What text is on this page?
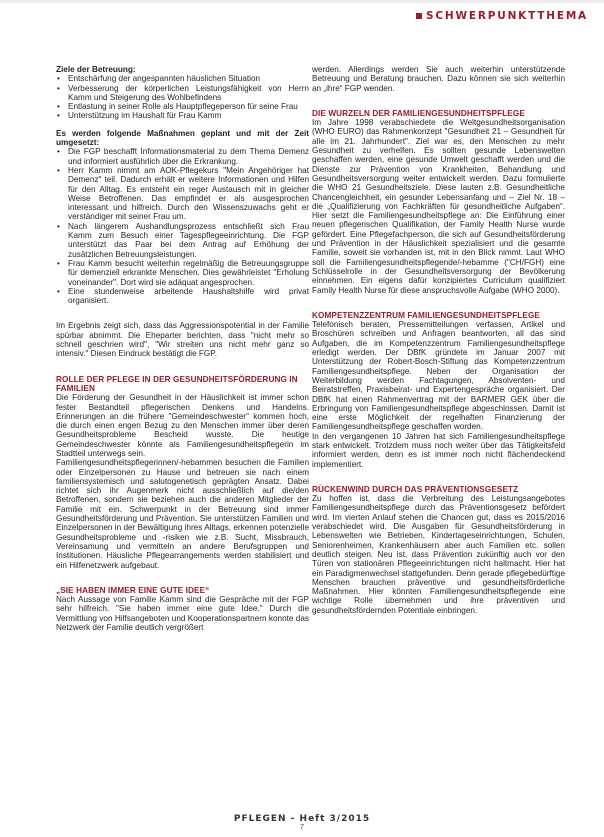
SCHWERPUNKTTHEMA

Ziele der Betreuung:

• Entschärfung der angespannten häuslichen Situation
• Verbesserung der körperlichen Leistungsfähigkeit von Herrn Kamm und Steigerung des Wohlbefindens
• Entlastung in seiner Rolle als Hauptpflegeperson für seine Frau
• Unterstützung im Haushalt für Frau Kamm

Es werden folgende Maßnahmen geplant und mit der Zeit umgesetzt:

• Die FGP beschafft Informationsmaterial zu dem Thema Demenz und informiert ausführlich über die Erkrankung.
• Herr Kamm nimmt am AOK-Pflegekurs "Mein Angehöriger hat Demenz" teil. Dadurch erhält er weitere Informationen und Hilfen für den Alltag. Es entsteht ein reger Austausch mit in gleicher Weise Betroffenen. Das empfindet er als ausgesprochen interessant und hilfreich. Durch den Wissenszuwachs geht er verständiger mit seiner Frau um.
• Nach längerem Aushandlungsprozess entschließt sich Frau Kamm zum Besuch einer Tagespflegeeinrichtung. Die FGP unterstützt das Paar bei dem Antrag auf Erhöhung der zusätzlichen Betreuungsleistungen.
• Frau Kamm besucht weiterhin regelmäßig die Betreuungsgruppe für demenziell erkrankte Menschen. Dies gewährleistet "Erholung voneinander". Dort wird sie adäquat angesprochen.
• Eine stundenweise arbeitende Haushaltshilfe wird privat organisiert.

Im Ergebnis zeigt sich, dass das Aggressionspotential in der Familie spürbar abnimmt. Die Eheparter berichten, dass "nicht mehr so schnell geschrien wird", "Wir streiten uns nicht mehr ganz so intensiv." Diesen Eindruck bestätigt die FGP.

ROLLE DER PFLEGE IN DER GESUNDHEITSFÖRDERUNG IN FAMILIEN

Die Förderung der Gesundheit in der Häuslichkeit ist immer schon fester Bestandteil pflegerischen Denkens und Handelns. Erinnerungen an die frühere "Gemeindeschwester" kommen hoch, die durch einen engen Bezug zu den Menschen immer über deren Gesundheitsprobleme Bescheid wusste. Die heutige Gemeindeschwester könnte als Familiengesundheitspflegerin im Stadtteil unterwegs sein.

Familiengesundheitspflegerinnen/-hebammen besuchen die Familien oder Einzelpersonen zu Hause und betreuen sie nach einem familiensystemisch und salutogenetisch geprägten Ansatz. Dabei richtet sich ihr Augenmerk nicht ausschließlich auf die/den Betroffenen, sondern sie beziehen auch die anderen Mitglieder der Familie mit ein. Schwerpunkt in der Betreuung sind immer Gesundheitsförderung und Prävention. Sie unterstützen Familien und Einzelpersonen in der Bewältigung ihres Alltags, erkennen potenzielle Gesundheitsprobleme und -risiken wie z.B. Sucht, Missbrauch, Vereinsamung und vermitteln an andere Berufsgruppen und Institutionen. Häusliche Pflegearrangements werden stabilisiert und ein Hilfenetzwerk aufgebaut.

„SIE HABEN IMMER EINE GUTE IDEE“

Nach Aussage von Familie Kamm sind die Gespräche mit der FGP sehr hilfreich. "Sie haben immer eine gute Idee." Durch die Vermittlung von Hilfsangeboten und Kooperationspartnern konnte das Netzwerk der Familie deutlich vergrößert

werden. Allerdings werden Sie auch weiterhin unterstützende Betreuung und Beratung brauchen. Dazu können sie sich weiterhin an „ihre“ FGP wenden.

DIE WURZELN DER FAMILIENGESUNDHEITSPFLEGE

Im Jahre 1998 verabschiedete die Weltgesundheitsorganisation (WHO EURO) das Rahmenkonzept "Gesundheit 21 – Gesundheit für alle im 21. Jahrhundert". Ziel war es, den Menschen zu mehr Gesundheit zu verhelfen. Es sollten gesunde Lebenswelten geschaffen werden, eine gesunde Umwelt geschafft werden und die Dienste zur Prävention von Krankheiten, Behandlung und Gesundheitsversorgung weiter entwickelt werden. Dazu formulierte die WHO 21 Gesundheitsziele. Diese lauten z.B. Gesundheitliche Chancengleichheit, ein gesunder Lebensanfang und – Ziel Nr. 18 – die „Qualifizierung von Fachkräften für gesundheitliche Aufgaben“. Hier setzt die Familiengesundheitspflege an: Die Einführung einer neuen pflegerischen Qualifikation, der Family Health Nurse wurde gefördert. Eine Pflegefachperson, die sich auf Gesundheitsförderung und Prävention in der Häuslichkeit spezialisiert und die gesamte Familie, soweit sie vorhanden ist, mit in den Blick nimmt. Laut WHO soll die Familiengesundheitspflegende/-hebamme ("CH/FGH) eine Schlüsselrolle in der Gesundheitsversorgung der Bevölkerung einnehmen. Ein eigens dafür konzipiertes Curriculum qualifiziert Family Health Nurse für diese anspruchsvolle Aufgabe (WHO 2000).

KOMPETENZZENTRUM FAMILIENGESUNDHEITSPFLEGE

Telefonisch beraten, Pressemitteilungen verfassen, Artikel und Broschüren schreiben und Anfragen beantworten, all das sind Aufgaben, die im Kompetenzzentrum Familiengesundheitspflege erledigt werden. Der DBfK gründete im Januar 2007 mit Unterstützung der Robert-Bosch-Stiftung das Kompetenzzentrum Familiengesundheitspflege. Neben der Organisation der Weiterbildung werden Fachtagungen, Absolventen- und Beiratstreffen, Praxisbeirat- und Expertengespräche organisiert. Der DBfK hat einen Rahmenvertrag mit der BARMER GEK über die Erbringung von Familiengesundheitspflege abgeschlossen. Damit ist eine erste Möglichkeit der regelhaften Finanzierung der Familiengesundheitspflege geschaffen worden.

In den vergangenen 10 Jahren hat sich Familiengesundheitspflege stark entwickelt. Trotzdem muss noch weiter über das Tätigkeitsfeld informiert werden, denn es ist immer noch nicht flächendeckend implementiert.

RÜCKENWIND DURCH DAS PRÄVENTIONSGESETZ

Zu hoffen ist, dass die Verbreitung des Leistungsangebotes Familiengesundheitspflege durch das Präventionsgesetz befördert wird. Im vierten Anlauf stehen die Chancen gut, dass es 2015/2016 verabschiedet wird. Die Ausgaben für Gesundheitsförderung in Lebenswelten wie Betrieben, Kindertageseinrichtungen, Schulen, Seniorenheimen, Krankenhäusern aber auch Familien etc. sollen deutlich steigen. Neu ist, dass Prävention zukünftig auch vor den Türen von stationären Pflegeeinrichtungen nicht haltmacht. Hier hat ein Paradigmenwechsel stattgefunden. Denn gerade pflegebedürftige Menschen brauchen präventive und gesundheitsförderliche Maßnahmen. Hier könnten Familiengesundheitspflegende eine wichtige Rolle übernehmen und ihre präventiven und gesundheitsfördernden Potentiale einbringen.

PFLEGEN - Heft 3/2015
7
